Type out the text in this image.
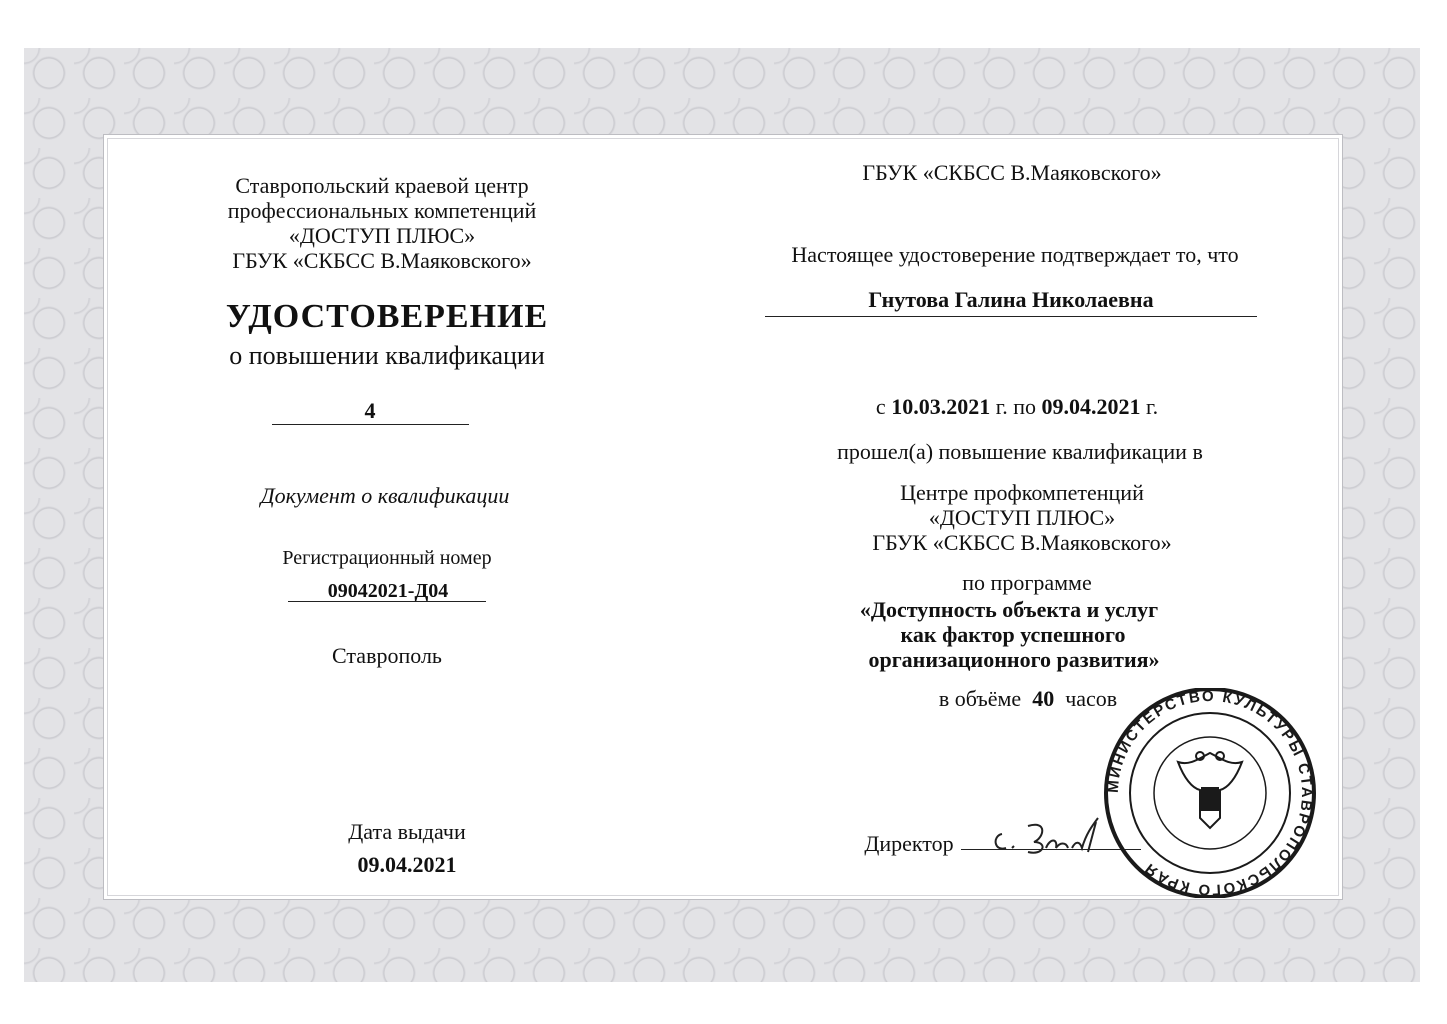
Ставропольский краевой центр
профессиональных компетенций
«ДОСТУП ПЛЮС»
ГБУК «СКБСС В.Маяковского»
УДОСТОВЕРЕНИЕ
о повышении квалификации
4
Документ о квалификации
Регистрационный номер
09042021-Д04
Ставрополь
Дата выдачи
09.04.2021
ГБУК «СКБСС В.Маяковского»
Настоящее удостоверение подтверждает то, что
Гнутова Галина Николаевна
с 10.03.2021 г. по 09.04.2021 г.
прошел(а) повышение квалификации в
Центре профкомпетенций
«ДОСТУП ПЛЮС»
ГБУК «СКБСС В.Маяковского»
по программе
«Доступность объекта и услуг
как фактор успешного
организационного развития»
в объёме 40 часов
Директор
МИНИСТЕРСТВО КУЛЬТУРЫ СТАВРОПОЛЬСКОГО КРАЯ
